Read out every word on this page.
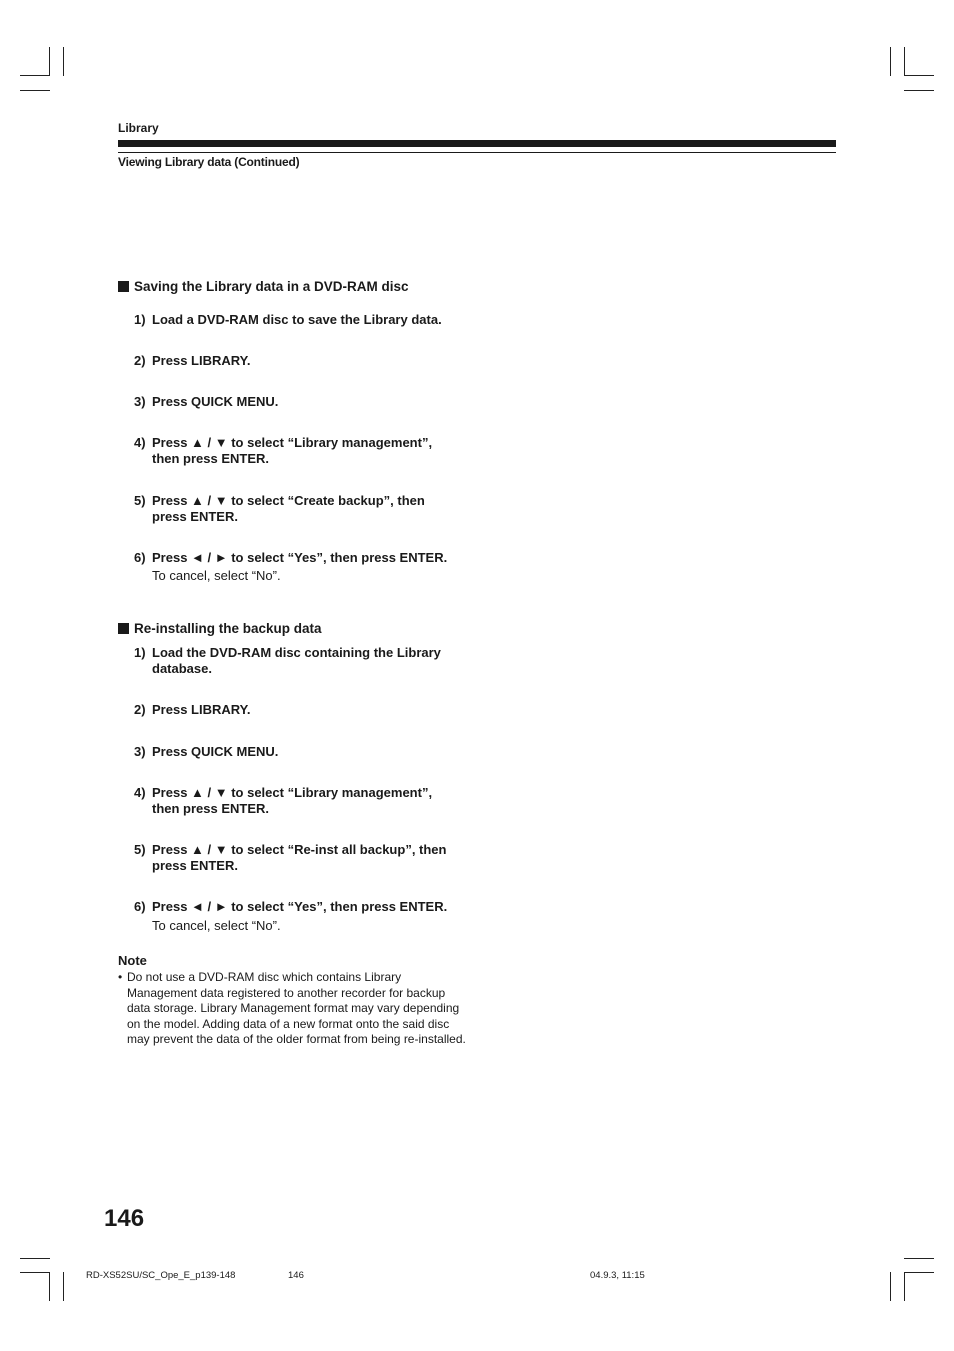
Library
Viewing Library data (Continued)
Saving the Library data in a DVD-RAM disc
1) Load a DVD-RAM disc to save the Library data.
2) Press LIBRARY.
3) Press QUICK MENU.
4) Press ▲ / ▼ to select “Library management”, then press ENTER.
5) Press ▲ / ▼ to select “Create backup”, then press ENTER.
6) Press ◄ / ► to select “Yes”, then press ENTER.
To cancel, select “No”.
Re-installing the backup data
1) Load the DVD-RAM disc containing the Library database.
2) Press LIBRARY.
3) Press QUICK MENU.
4) Press ▲ / ▼ to select “Library management”, then press ENTER.
5) Press ▲ / ▼ to select “Re-inst all backup”, then press ENTER.
6) Press ◄ / ► to select “Yes”, then press ENTER.
To cancel, select “No”.
Note
• Do not use a DVD-RAM disc which contains Library Management data registered to another recorder for backup data storage. Library Management format may vary depending on the model. Adding data of a new format onto the said disc may prevent the data of the older format from being re-installed.
146
RD-XS52SU/SC_Ope_E_p139-148	146	04.9.3, 11:15
